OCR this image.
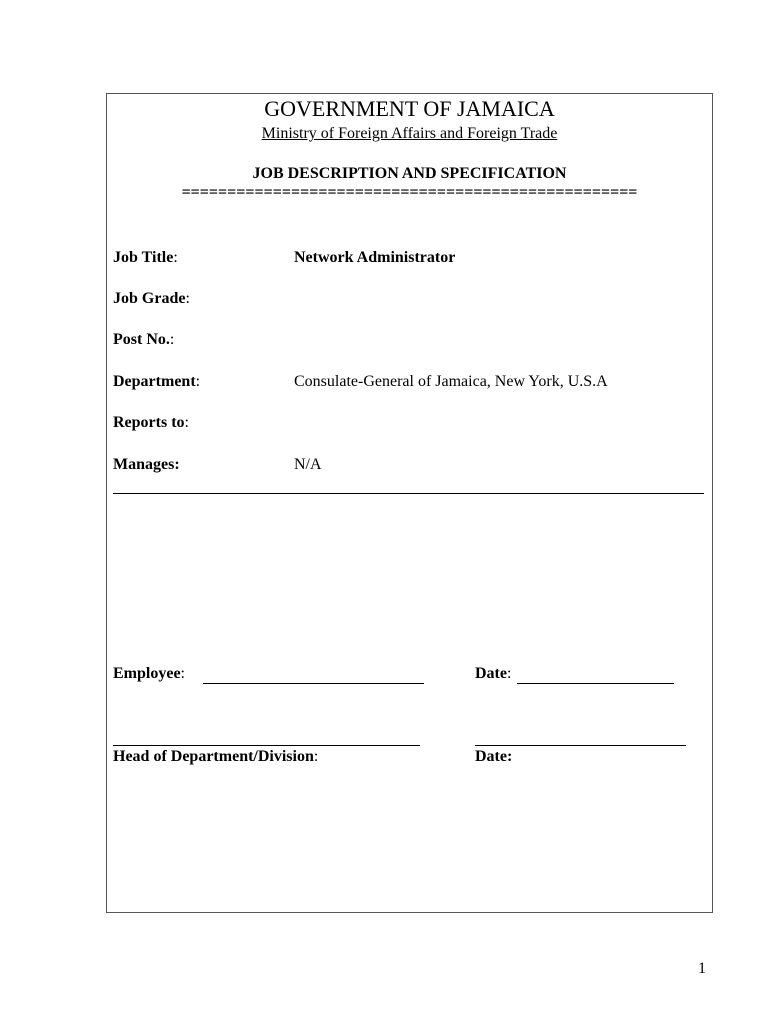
GOVERNMENT OF JAMAICA
Ministry of Foreign Affairs and Foreign Trade
JOB DESCRIPTION AND SPECIFICATION
==================================================
Job Title:	Network Administrator
Job Grade:
Post No.:
Department:	Consulate-General of Jamaica, New York, U.S.A
Reports to:
Manages:	N/A
Employee:	Date:
Head of Department/Division:	Date:
1
